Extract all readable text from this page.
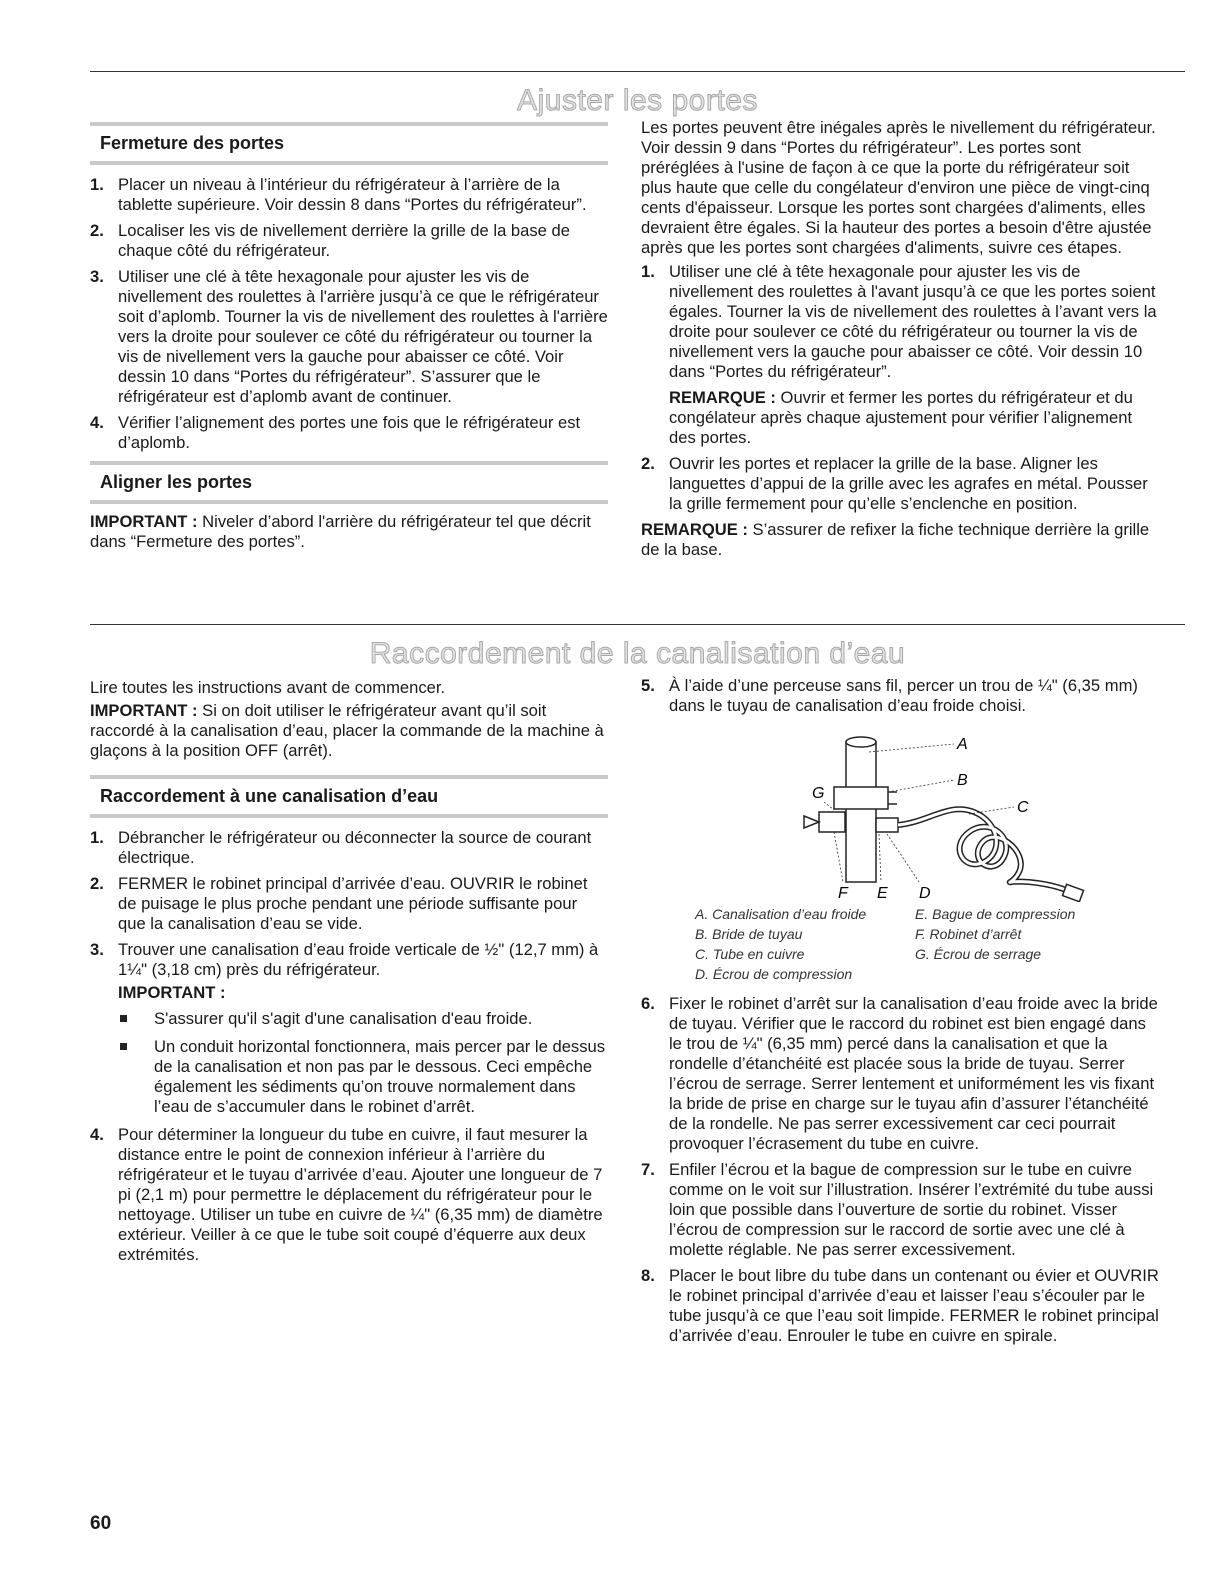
Ajuster les portes
Fermeture des portes
1. Placer un niveau à l’intérieur du réfrigérateur à l’arrière de la tablette supérieure. Voir dessin 8 dans “Portes du réfrigérateur”.
2. Localiser les vis de nivellement derrière la grille de la base de chaque côté du réfrigérateur.
3. Utiliser une clé à tête hexagonale pour ajuster les vis de nivellement des roulettes à l'arrière jusqu’à ce que le réfrigérateur soit d’aplomb. Tourner la vis de nivellement des roulettes à l'arrière vers la droite pour soulever ce côté du réfrigérateur ou tourner la vis de nivellement vers la gauche pour abaisser ce côté. Voir dessin 10 dans “Portes du réfrigérateur”. S’assurer que le réfrigérateur est d’aplomb avant de continuer.
4. Vérifier l’alignement des portes une fois que le réfrigérateur est d’aplomb.
Aligner les portes

IMPORTANT : Niveler d’abord l'arrière du réfrigérateur tel que décrit dans “Fermeture des portes”.

Les portes peuvent être inégales après le nivellement du réfrigérateur. Voir dessin 9 dans “Portes du réfrigérateur”. Les portes sont préréglées à l'usine de façon à ce que la porte du réfrigérateur soit plus haute que celle du congélateur d'environ une pièce de vingt-cinq cents d'épaisseur. Lorsque les portes sont chargées d'aliments, elles devraient être égales. Si la hauteur des portes a besoin d'être ajustée après que les portes sont chargées d'aliments, suivre ces étapes.

1. Utiliser une clé à tête hexagonale pour ajuster les vis de nivellement des roulettes à l'avant jusqu’à ce que les portes soient égales. Tourner la vis de nivellement des roulettes à l’avant vers la droite pour soulever ce côté du réfrigérateur ou tourner la vis de nivellement vers la gauche pour abaisser ce côté. Voir dessin 10 dans “Portes du réfrigérateur”.

REMARQUE : Ouvrir et fermer les portes du réfrigérateur et du congélateur après chaque ajustement pour vérifier l’alignement des portes.

2. Ouvrir les portes et replacer la grille de la base. Aligner les languettes d’appui de la grille avec les agrafes en métal. Pousser la grille fermement pour qu’elle s’enclenche en position.

REMARQUE : S’assurer de refixer la fiche technique derrière la grille de la base.

Raccordement de la canalisation d’eau

Lire toutes les instructions avant de commencer.

IMPORTANT : Si on doit utiliser le réfrigérateur avant qu’il soit raccordé à la canalisation d’eau, placer la commande de la machine à glaçons à la position OFF (arrêt).

Raccordement à une canalisation d’eau
1. Débrancher le réfrigérateur ou déconnecter la source de courant électrique.
2. FERMER le robinet principal d’arrivée d’eau. OUVRIR le robinet de puisage le plus proche pendant une période suffisante pour que la canalisation d’eau se vide.
3. Trouver une canalisation d’eau froide verticale de ½" (12,7 mm) à 1¼" (3,18 cm) près du réfrigérateur.
IMPORTANT :
S'assurer qu'il s'agit d'une canalisation d'eau froide.
Un conduit horizontal fonctionnera, mais percer par le dessus de la canalisation et non pas par le dessous. Ceci empêche également les sédiments qu’on trouve normalement dans l’eau de s’accumuler dans le robinet d’arrêt.
4. Pour déterminer la longueur du tube en cuivre, il faut mesurer la distance entre le point de connexion inférieur à l’arrière du réfrigérateur et le tuyau d’arrivée d’eau. Ajouter une longueur de 7 pi (2,1 m) pour permettre le déplacement du réfrigérateur pour le nettoyage. Utiliser un tube en cuivre de ¼" (6,35 mm) de diamètre extérieur. Veiller à ce que le tube soit coupé d’équerre aux deux extrémités.
5. À l’aide d’une perceuse sans fil, percer un trou de ¼" (6,35 mm) dans le tuyau de canalisation d’eau froide choisi.
A
B
C
G
D
E
F
A. Canalisation d’eau froide	E. Bague de compression
B. Bride de tuyau	F. Robinet d’arrêt
C. Tube en cuivre	G. Écrou de serrage
D. Écrou de compression
6. Fixer le robinet d’arrêt sur la canalisation d’eau froide avec la bride de tuyau. Vérifier que le raccord du robinet est bien engagé dans le trou de ¼" (6,35 mm) percé dans la canalisation et que la rondelle d’étanchéité est placée sous la bride de tuyau. Serrer l’écrou de serrage. Serrer lentement et uniformément les vis fixant la bride de prise en charge sur le tuyau afin d’assurer l’étanchéité de la rondelle. Ne pas serrer excessivement car ceci pourrait provoquer l’écrasement du tube en cuivre.
7. Enfiler l’écrou et la bague de compression sur le tube en cuivre comme on le voit sur l’illustration. Insérer l’extrémité du tube aussi loin que possible dans l’ouverture de sortie du robinet. Visser l’écrou de compression sur le raccord de sortie avec une clé à molette réglable. Ne pas serrer excessivement.
8. Placer le bout libre du tube dans un contenant ou évier et OUVRIR le robinet principal d’arrivée d’eau et laisser l’eau s’écouler par le tube jusqu’à ce que l’eau soit limpide. FERMER le robinet principal d’arrivée d’eau. Enrouler le tube en cuivre en spirale.
60
